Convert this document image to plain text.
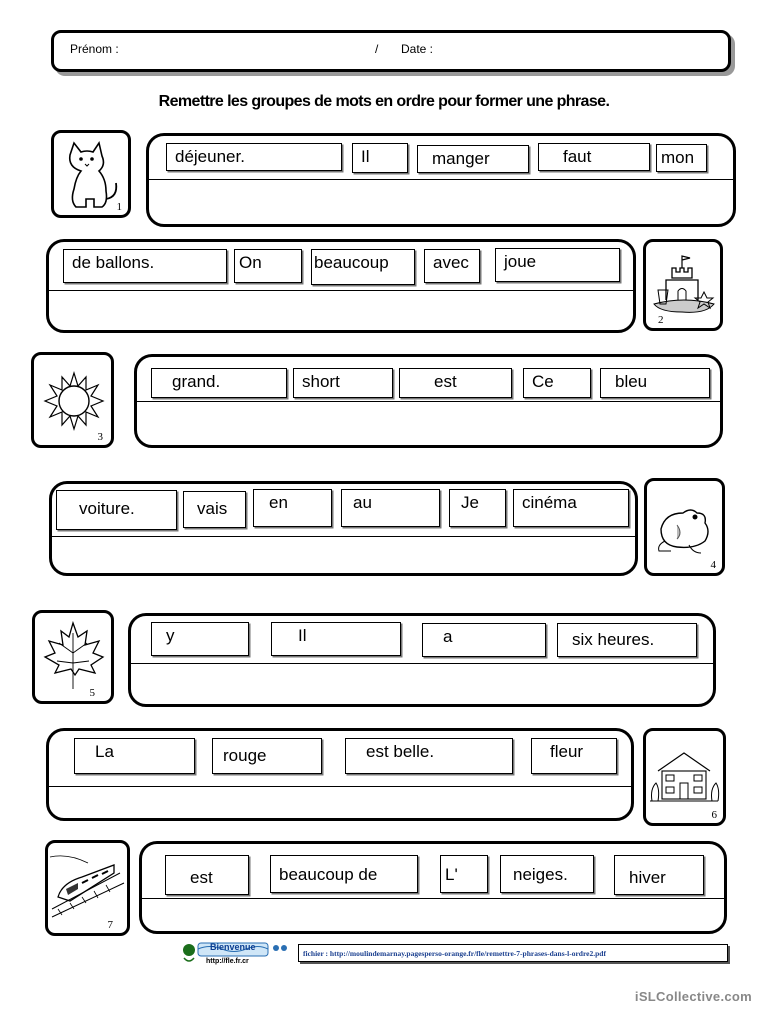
Prénom :	/ Date :
Remettre les groupes de mots en ordre pour former une phrase.
1
déjeuner.	Il	manger	faut	mon
de ballons.	On	beaucoup	avec	joue
2
3
grand.	short	est	Ce	bleu
voiture.	vais	en	au	Je	cinéma
4
5
y	Il	a	six heures.
La	rouge	est belle.	fleur
6
7
est	beaucoup de	L'	neiges.	hiver
Bienvenue
http://fle.fr.cr
fichier : http://moulindemarnay.pagesperso-orange.fr/fle/remettre-7-phrases-dans-l-ordre2.pdf
iSLCollective.com
